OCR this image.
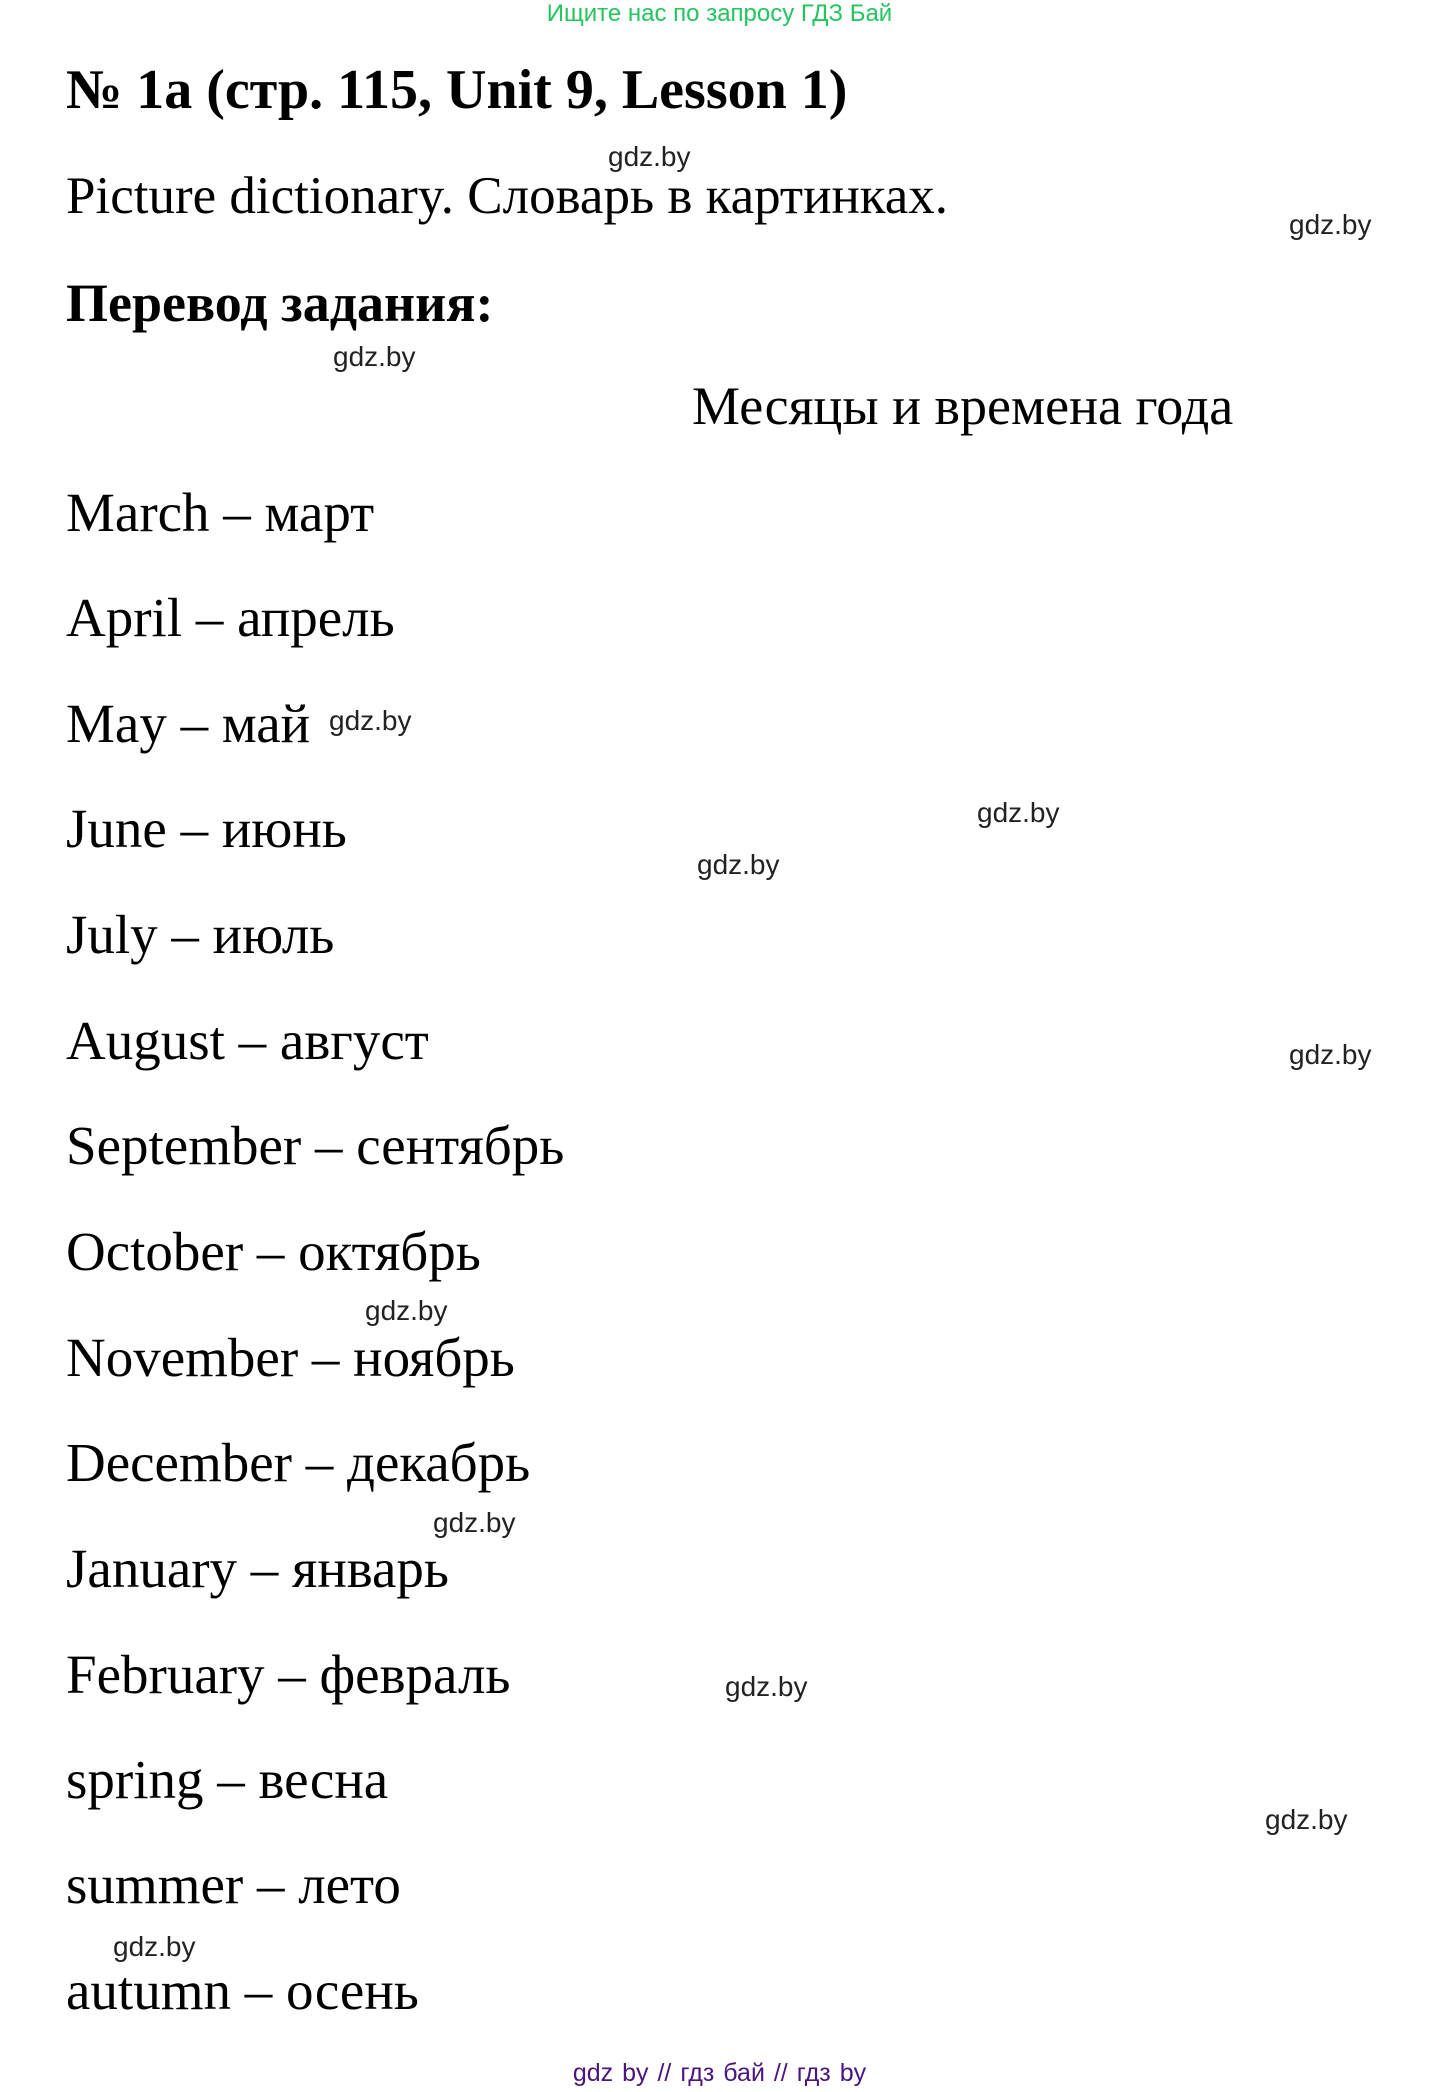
Ищите нас по запросу ГДЗ Бай
№ 1a (стр. 115, Unit 9, Lesson 1)
gdz.by
Picture dictionary. Словарь в картинках.	gdz.by
Перевод задания:
gdz.by
Месяцы и времена года
March – март
April – апрель
May – май
June – июнь
July – июль
August – август
September – сентябрь
October – октябрь
November – ноябрь
December – декабрь
January – январь
February – февраль
spring – весна
summer – лето
autumn – осень
gdz.by
gdz.by
gdz.by
gdz.by
gdz.by
gdz.by
gdz.by
gdz.by
gdz.by
gdz by // гдз бай // гдз by
